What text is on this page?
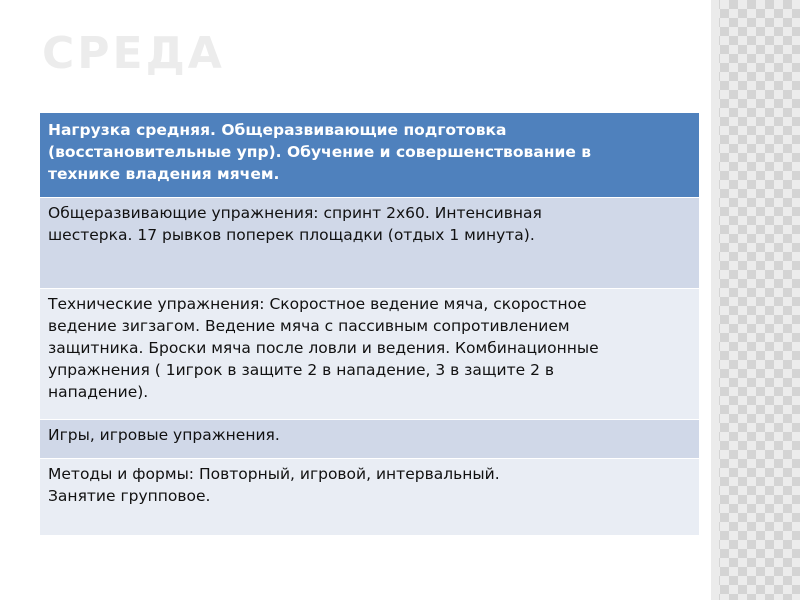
СРЕДА
Нагрузка средняя. Общеразвивающие подготовка
(восстановительные упр). Обучение и совершенствование в
технике владения мячем.

Общеразвивающие упражнения: спринт 2х60. Интенсивная
шестерка. 17 рывков поперек площадки (отдых 1 минута).

Технические упражнения: Скоростное ведение мяча, скоростное
ведение зигзагом. Ведение мяча с пассивным сопротивлением
защитника. Броски мяча после ловли и ведения. Комбинационные
упражнения ( 1игрок в защите 2 в нападение, 3 в защите 2 в
нападение).

Игры, игровые упражнения.

Методы и формы: Повторный, игровой, интервальный.
Занятие групповое.
